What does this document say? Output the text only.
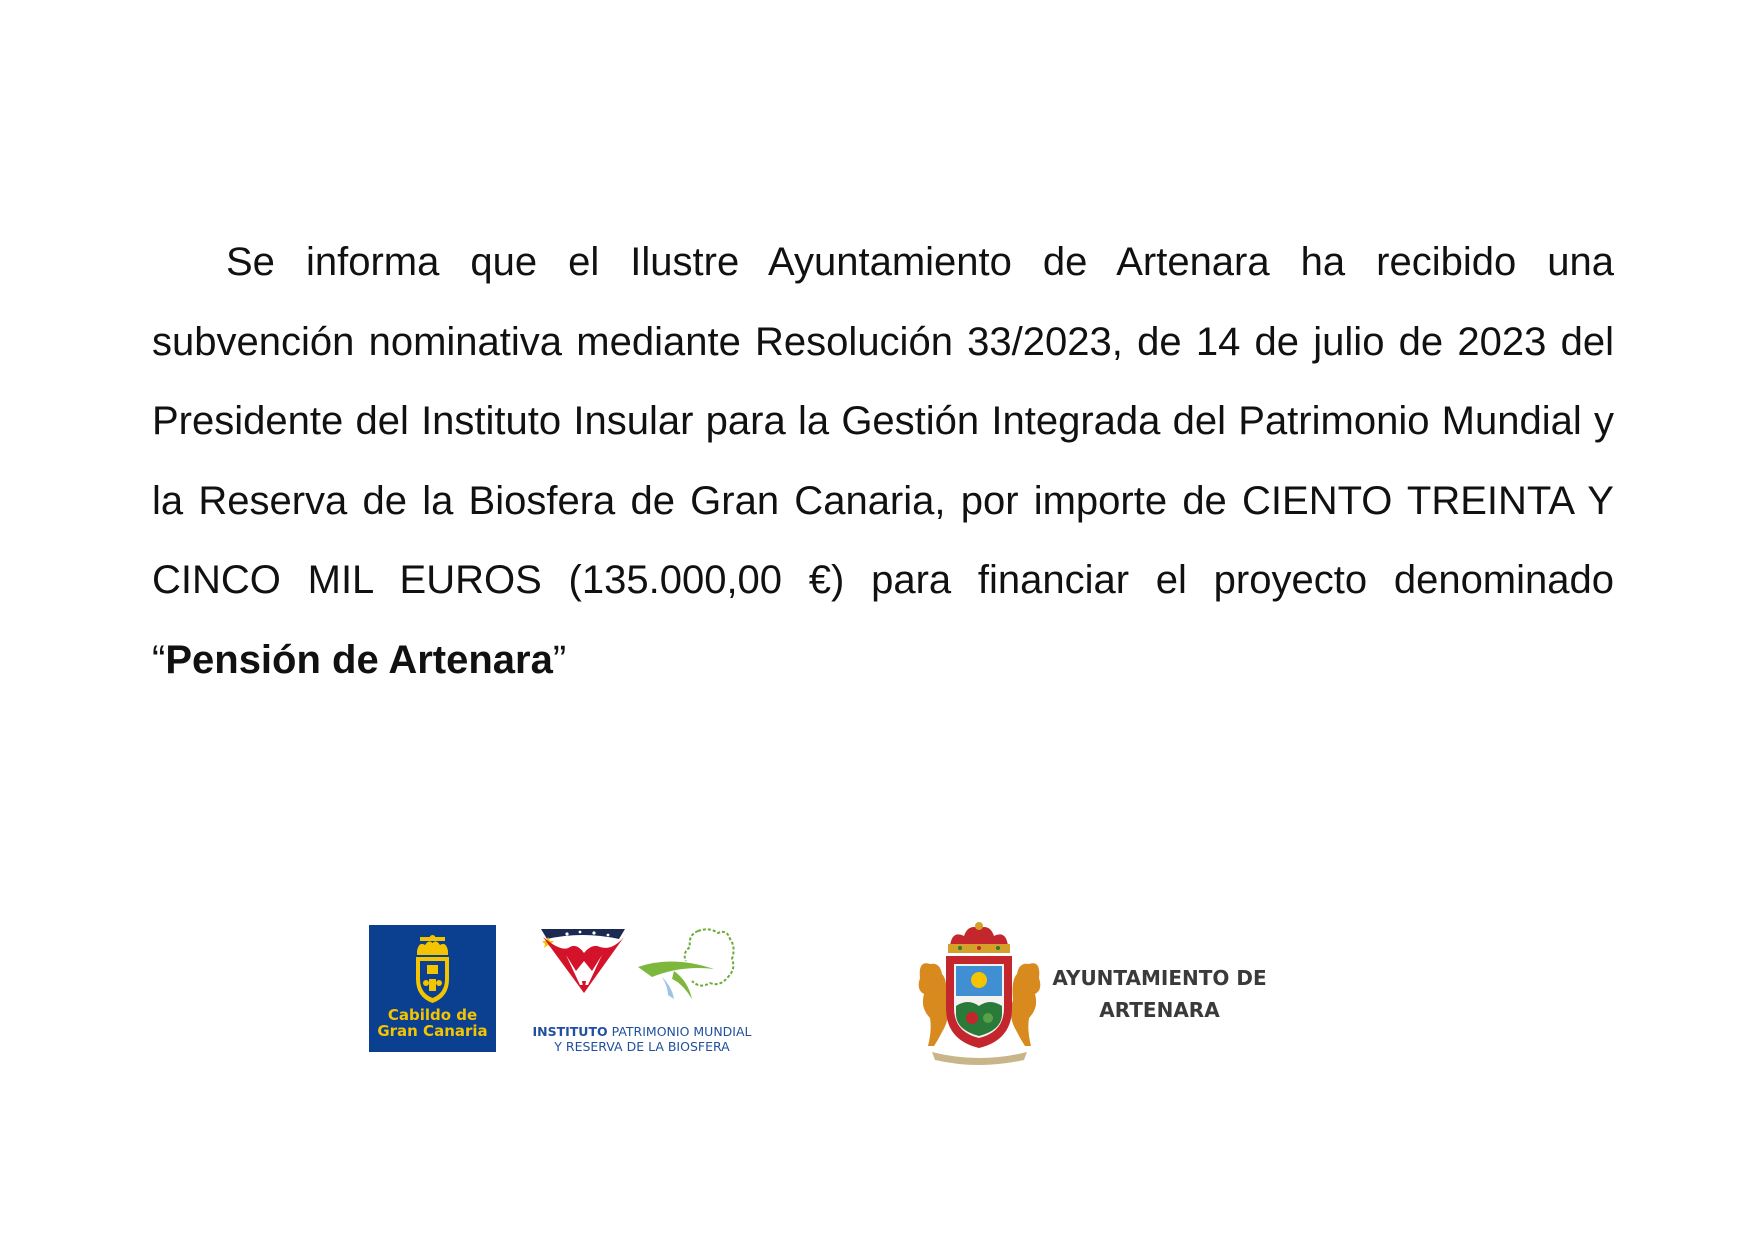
Se informa que el Ilustre Ayuntamiento de Artenara ha recibido una subvención nominativa mediante Resolución 33/2023, de 14 de julio de 2023 del Presidente del Instituto Insular para la Gestión Integrada del Patrimonio Mundial y la Reserva de la Biosfera de Gran Canaria, por importe de CIENTO TREINTA Y CINCO MIL EUROS (135.000,00 €) para financiar el proyecto denominado “Pensión de Artenara”

Cabildo de
Gran Canaria	INSTITUTO PATRIMONIO MUNDIAL
Y RESERVA DE LA BIOSFERA
AYUNTAMIENTO DE
ARTENARA
